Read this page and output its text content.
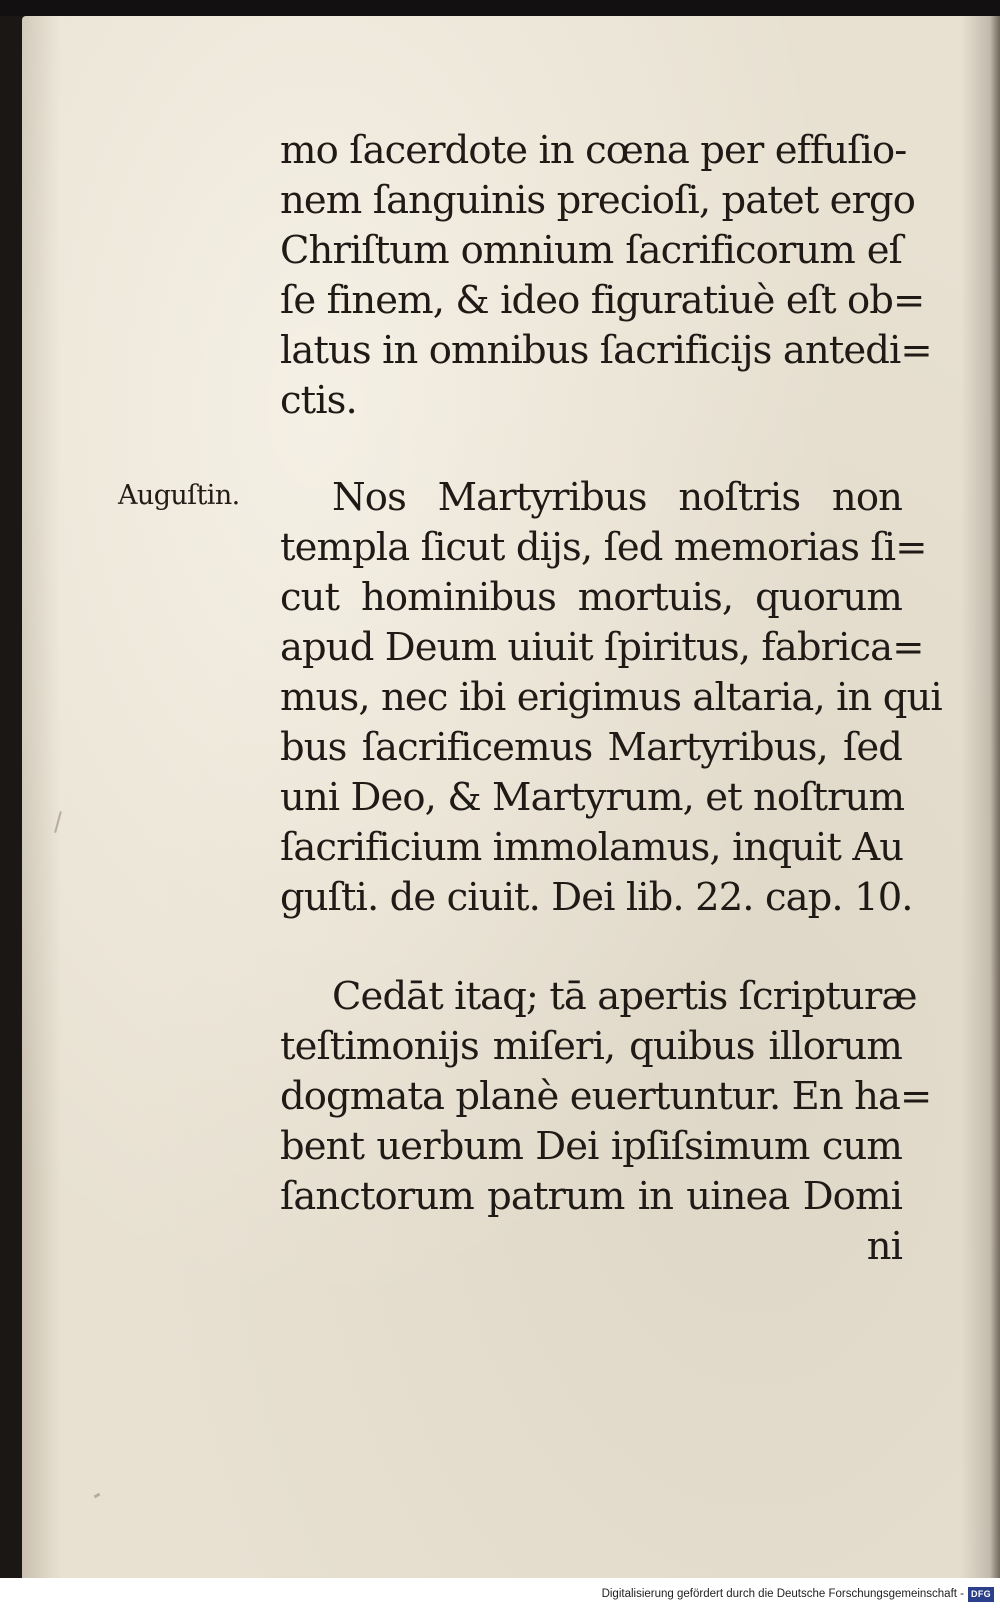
Auguſtin.
mo ſacerdote in cœna per effuſio-
nem ſanguinis precioſi, patet ergo
Chriſtum omnium ſacrificorum eſ
ſe finem, & ideo figuratiuè eſt ob=
latus in omnibus ſacrificijs antedi=
ctis.
Nos Martyribus noſtris non
templa ſicut dijs, ſed memorias ſi=
cut hominibus mortuis, quorum
apud Deum uiuit ſpiritus, fabrica=
mus, nec ibi erigimus altaria, in qui
bus ſacrificemus Martyribus, ſed
uni Deo, & Martyrum, et noſtrum
ſacrificium immolamus, inquit Au
guſti. de ciuit. Dei lib. 22. cap. 10.
Cedāt itaq; tā apertis ſcripturæ
teſtimonijs miſeri, quibus illorum
dogmata planè euertuntur. En ha=
bent uerbum Dei ipſiſsimum cum
ſanctorum patrum in uinea Domi
ni
Digitalisierung gefördert durch die Deutsche Forschungsgemeinschaft - DFG
